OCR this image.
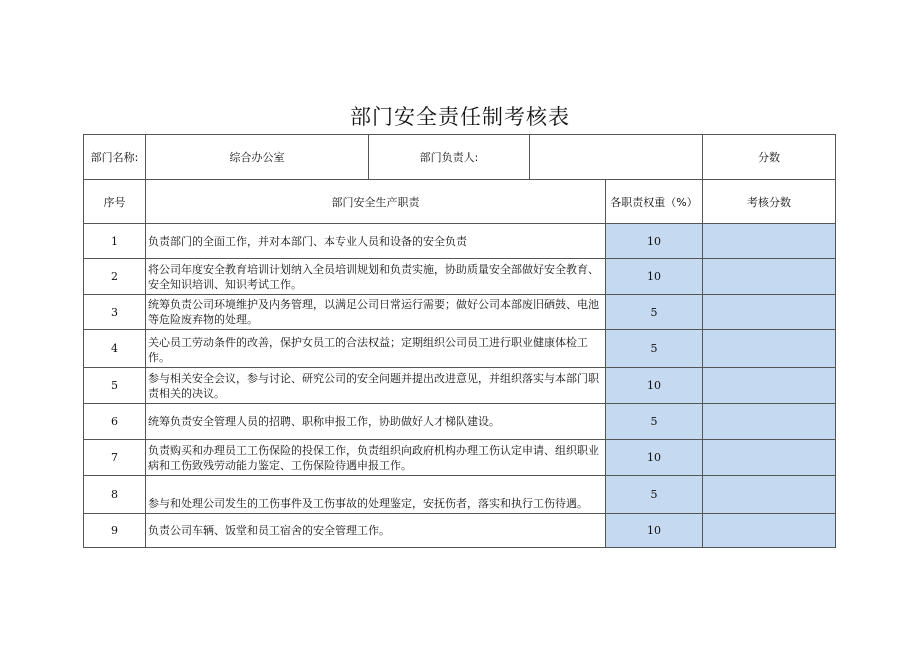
部门安全责任制考核表
部门名称:	综合办公室	部门负责人:			分数
序号	部门安全生产职责			各职责权重（%）	考核分数
1	负责部门的全面工作，并对本部门、本专业人员和设备的安全负责			10	
2	将公司年度安全教育培训计划纳入全员培训规划和负责实施，协助质量安全部做好安全教育、安全知识培训、知识考试工作。			10	
3	统筹负责公司环境维护及内务管理，以满足公司日常运行需要；做好公司本部废旧硒鼓、电池等危险废弃物的处理。			5	
4	关心员工劳动条件的改善，保护女员工的合法权益；定期组织公司员工进行职业健康体检工作。			5	
5	参与相关安全会议，参与讨论、研究公司的安全问题并提出改进意见，并组织落实与本部门职责相关的决议。			10	
6	统筹负责安全管理人员的招聘、职称申报工作，协助做好人才梯队建设。			5	
7	负责购买和办理员工工伤保险的投保工作，负责组织向政府机构办理工伤认定申请、组织职业病和工伤致残劳动能力鉴定、工伤保险待遇申报工作。			10	
8	参与和处理公司发生的工伤事件及工伤事故的处理鉴定，安抚伤者，落实和执行工伤待遇。			5	
9	负责公司车辆、饭堂和员工宿舍的安全管理工作。			10	
